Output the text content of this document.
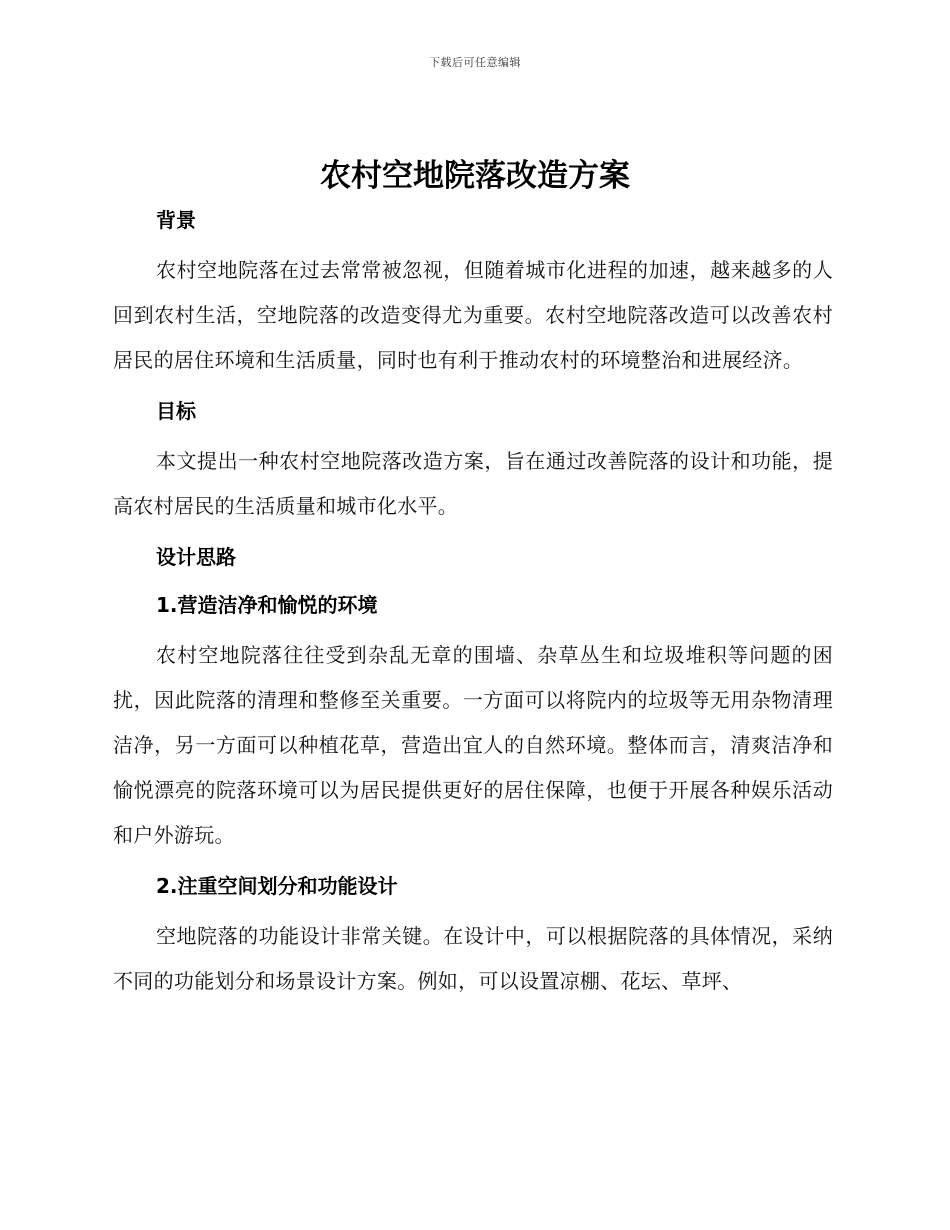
下载后可任意编辑
农村空地院落改造方案
背景

农村空地院落在过去常常被忽视，但随着城市化进程的加速，越来越多的人回到农村生活，空地院落的改造变得尤为重要。农村空地院落改造可以改善农村居民的居住环境和生活质量，同时也有利于推动农村的环境整治和进展经济。

目标

本文提出一种农村空地院落改造方案，旨在通过改善院落的设计和功能，提高农村居民的生活质量和城市化水平。

设计思路
1.营造洁净和愉悦的环境

农村空地院落往往受到杂乱无章的围墙、杂草丛生和垃圾堆积等问题的困扰，因此院落的清理和整修至关重要。一方面可以将院内的垃圾等无用杂物清理洁净，另一方面可以种植花草，营造出宜人的自然环境。整体而言，清爽洁净和愉悦漂亮的院落环境可以为居民提供更好的居住保障，也便于开展各种娱乐活动和户外游玩。

2.注重空间划分和功能设计

空地院落的功能设计非常关键。在设计中，可以根据院落的具体情况，采纳不同的功能划分和场景设计方案。例如，可以设置凉棚、花坛、草坪、
